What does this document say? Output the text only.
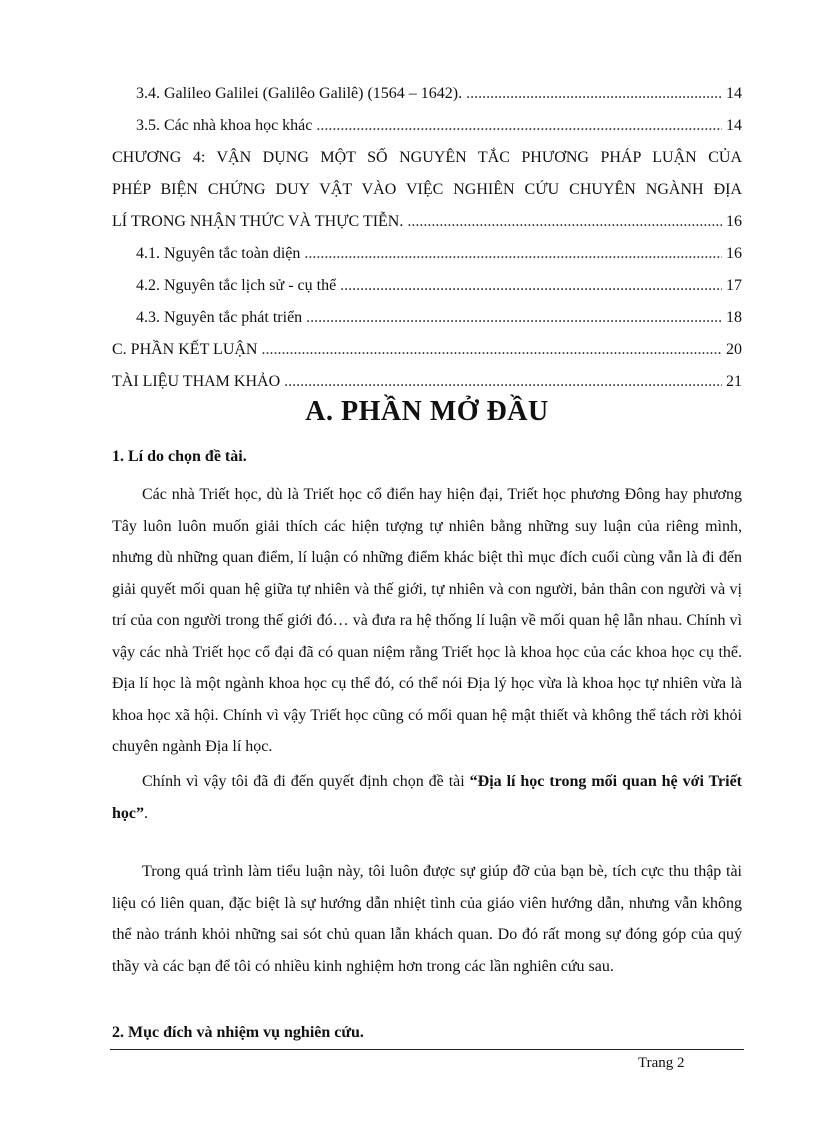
3.4. Galileo Galilei (Galilêo Galilê) (1564 – 1642). .....	14
3.5. Các nhà khoa học khác .....	14
CHƯƠNG 4: VẬN DỤNG MỘT SỐ NGUYÊN TẮC PHƯƠNG PHÁP LUẬN CỦA
PHÉP BIỆN CHỨNG DUY VẬT VÀO VIỆC NGHIÊN CỨU CHUYÊN NGÀNH ĐỊA
LÍ TRONG NHẬN THỨC VÀ THỰC TIỄN. .....	16
4.1. Nguyên tắc toàn diện .....	16
4.2. Nguyên tắc lịch sử - cụ thể .....	17
4.3. Nguyên tắc phát triển .....	18
C. PHẦN KẾT LUẬN .....	20
TÀI LIỆU THAM KHẢO .....	21
A. PHẦN MỞ ĐẦU
1. Lí do chọn đề tài.

Các nhà Triết học, dù là Triết học cổ điển hay hiện đại, Triết học phương Đông hay phương Tây luôn luôn muốn giải thích các hiện tượng tự nhiên bằng những suy luận của riêng mình, nhưng dù những quan điểm, lí luận có những điểm khác biệt thì mục đích cuối cùng vẫn là đi đến giải quyết mối quan hệ giữa tự nhiên và thế giới, tự nhiên và con người, bản thân con người và vị trí của con người trong thế giới đó… và đưa ra hệ thống lí luận về mối quan hệ lẫn nhau. Chính vì vậy các nhà Triết học cổ đại đã có quan niệm rằng Triết học là khoa học của các khoa học cụ thể. Địa lí học là một ngành khoa học cụ thể đó, có thể nói Địa lý học vừa là khoa học tự nhiên vừa là khoa học xã hội. Chính vì vậy Triết học cũng có mối quan hệ mật thiết và không thể tách rời khỏi chuyên ngành Địa lí học.

Chính vì vậy tôi đã đi đến quyết định chọn đề tài “Địa lí học trong mối quan hệ với Triết học”.

Trong quá trình làm tiểu luận này, tôi luôn được sự giúp đỡ của bạn bè, tích cực thu thập tài liệu có liên quan, đặc biệt là sự hướng dẫn nhiệt tình của giáo viên hướng dẫn, nhưng vẫn không thể nào tránh khỏi những sai sót chủ quan lẫn khách quan. Do đó rất mong sự đóng góp của quý thầy và các bạn để tôi có nhiều kinh nghiệm hơn trong các lần nghiên cứu sau.

2. Mục đích và nhiệm vụ nghiên cứu.
Trang 2
